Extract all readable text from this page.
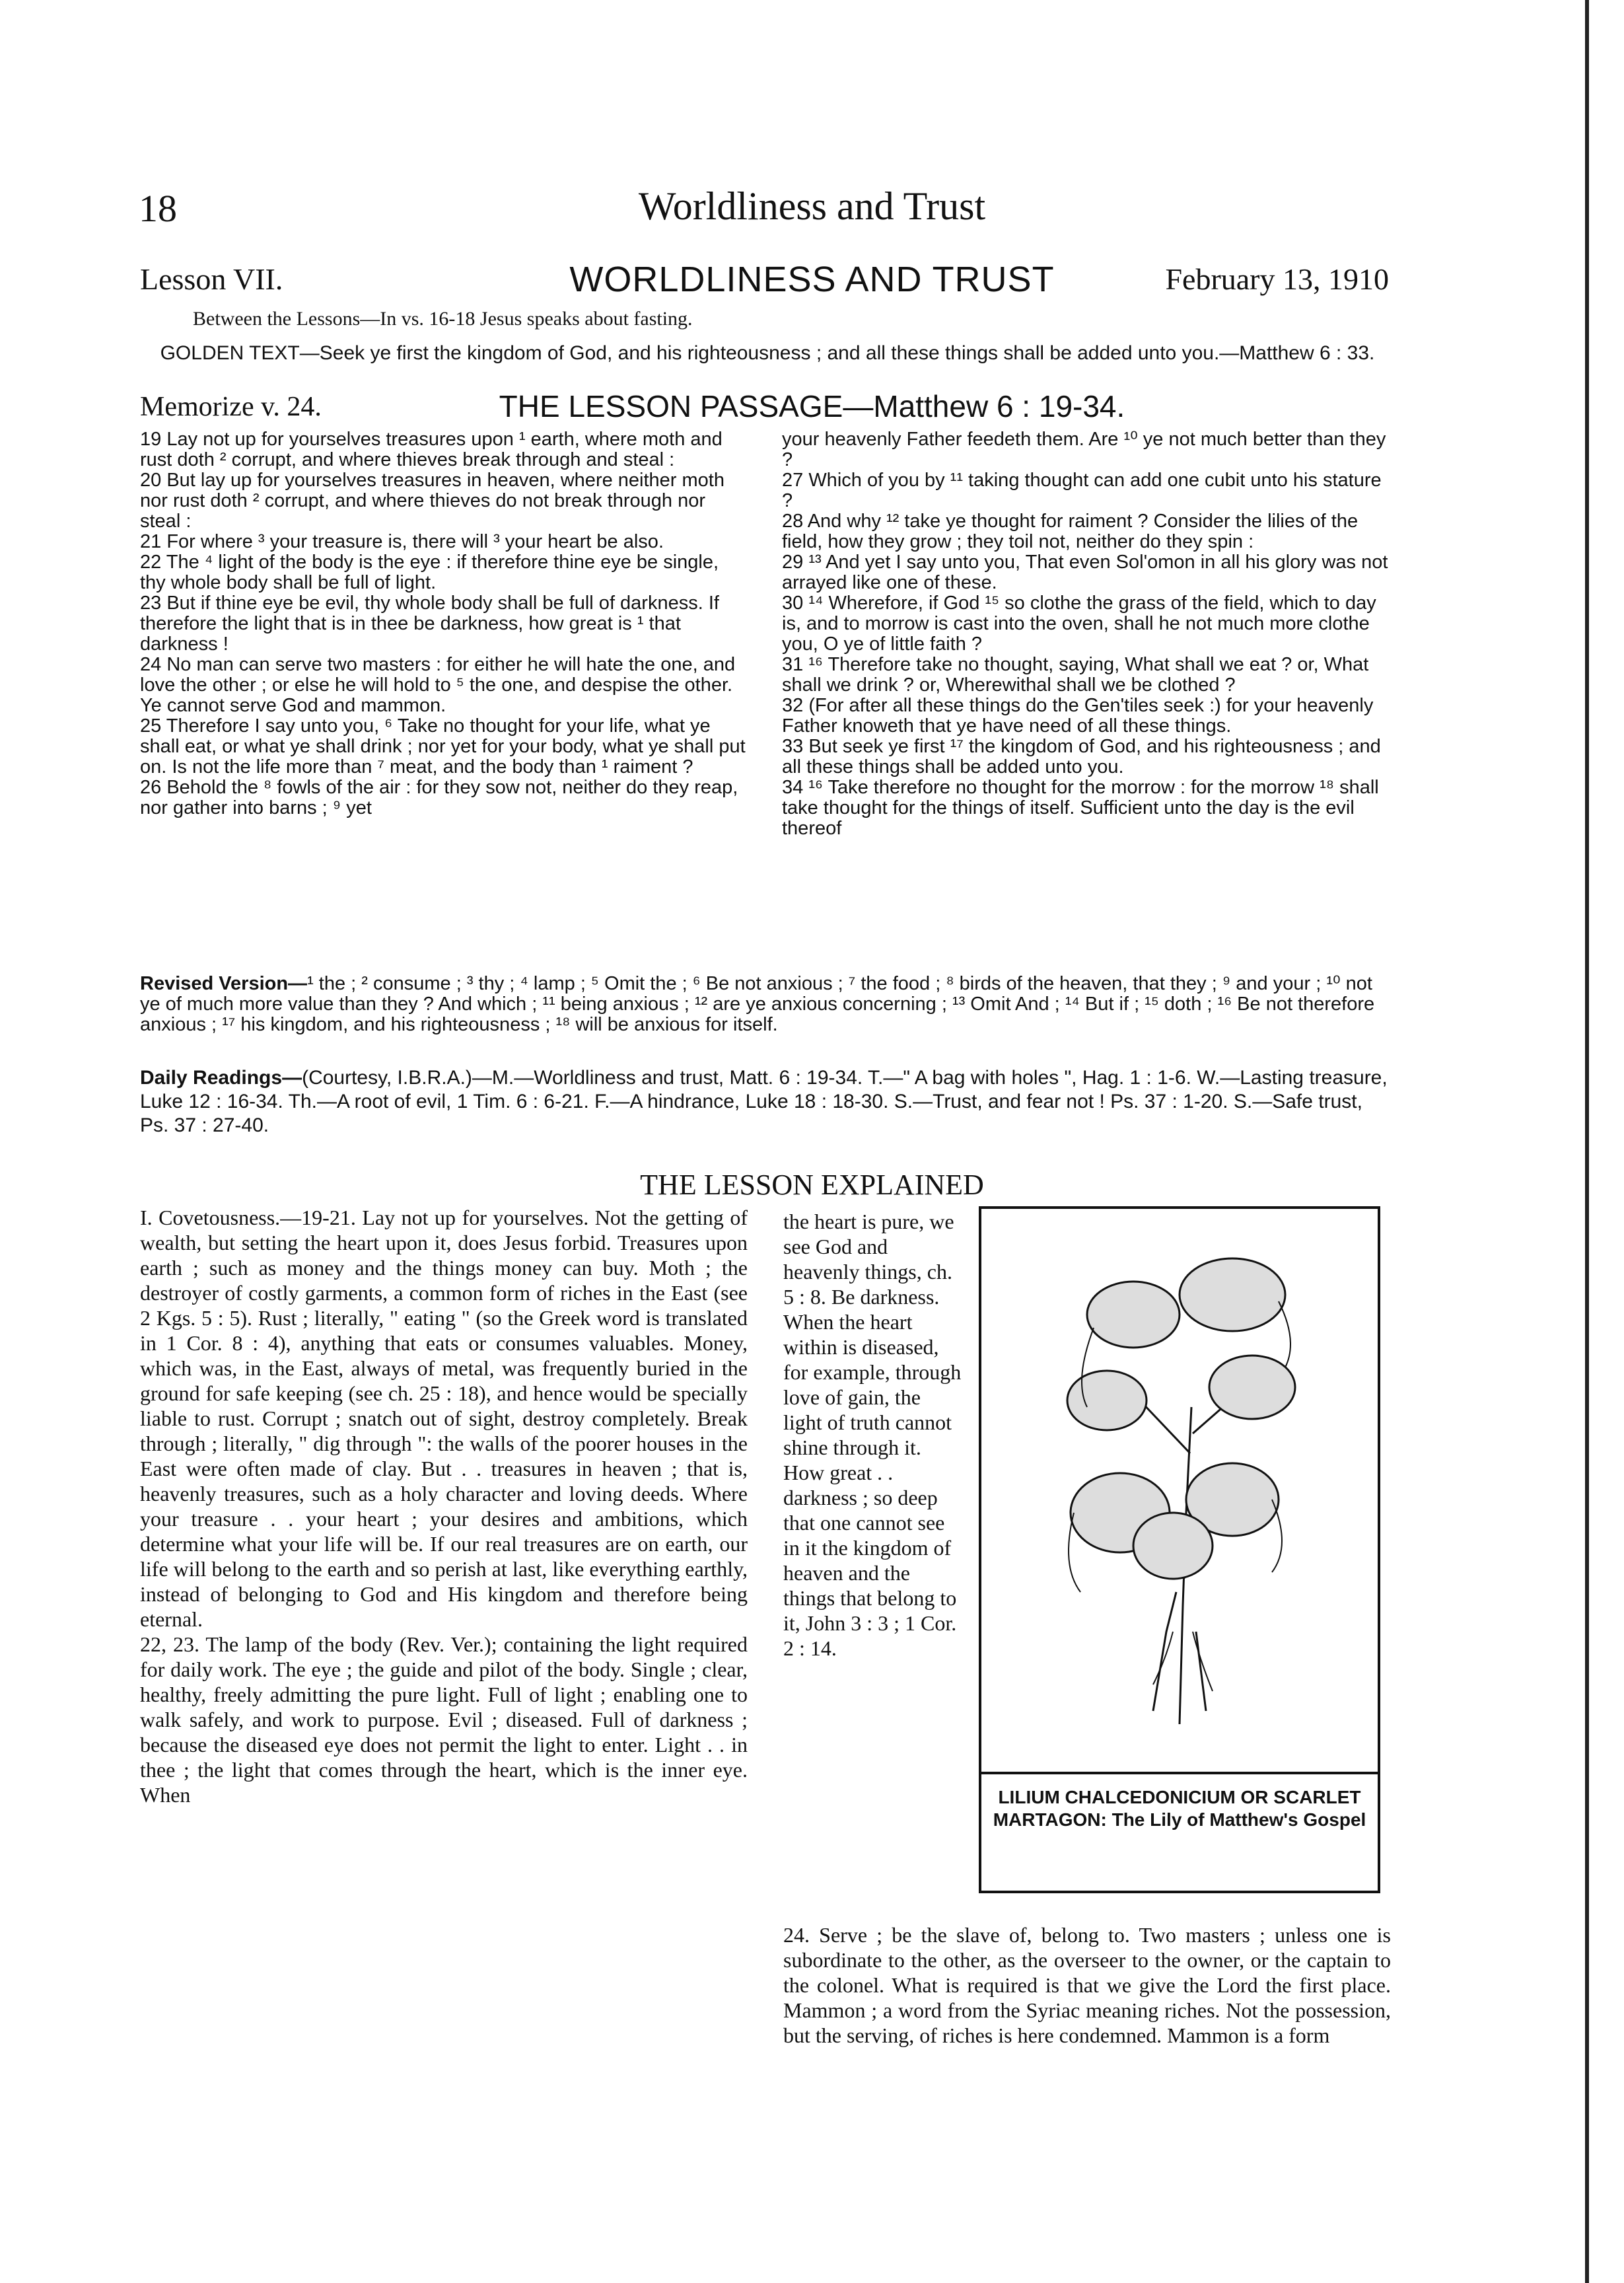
18	Worldliness and Trust
Lesson VII.	WORLDLINESS AND TRUST	February 13, 1910
Between the Lessons—In vs. 16-18 Jesus speaks about fasting.
GOLDEN TEXT—Seek ye first the kingdom of God, and his righteousness ; and all these things shall be added unto you.—Matthew 6 : 33.
Memorize v. 24.	THE LESSON PASSAGE—Matthew 6 : 19-34.

19 Lay not up for yourselves treasures upon ¹ earth, where moth and rust doth ² corrupt, and where thieves break through and steal :

20 But lay up for yourselves treasures in heaven, where neither moth nor rust doth ² corrupt, and where thieves do not break through nor steal :

21 For where ³ your treasure is, there will ³ your heart be also.

22 The ⁴ light of the body is the eye : if therefore thine eye be single, thy whole body shall be full of light.

23 But if thine eye be evil, thy whole body shall be full of darkness. If therefore the light that is in thee be darkness, how great is ¹ that darkness !

24 No man can serve two masters : for either he will hate the one, and love the other ; or else he will hold to ⁵ the one, and despise the other. Ye cannot serve God and mammon.

25 Therefore I say unto you, ⁶ Take no thought for your life, what ye shall eat, or what ye shall drink ; nor yet for your body, what ye shall put on. Is not the life more than ⁷ meat, and the body than ¹ raiment ?

26 Behold the ⁸ fowls of the air : for they sow not, neither do they reap, nor gather into barns ; ⁹ yet

your heavenly Father feedeth them. Are ¹⁰ ye not much better than they ?

27 Which of you by ¹¹ taking thought can add one cubit unto his stature ?

28 And why ¹² take ye thought for raiment ? Consider the lilies of the field, how they grow ; they toil not, neither do they spin :

29 ¹³ And yet I say unto you, That even Sol'omon in all his glory was not arrayed like one of these.

30 ¹⁴ Wherefore, if God ¹⁵ so clothe the grass of the field, which to day is, and to morrow is cast into the oven, shall he not much more clothe you, O ye of little faith ?

31 ¹⁶ Therefore take no thought, saying, What shall we eat ? or, What shall we drink ? or, Wherewithal shall we be clothed ?

32 (For after all these things do the Gen'tiles seek :) for your heavenly Father knoweth that ye have need of all these things.

33 But seek ye first ¹⁷ the kingdom of God, and his righteousness ; and all these things shall be added unto you.

34 ¹⁶ Take therefore no thought for the morrow : for the morrow ¹⁸ shall take thought for the things of itself. Sufficient unto the day is the evil thereof

Revised Version—¹ the ; ² consume ; ³ thy ; ⁴ lamp ; ⁵ Omit the ; ⁶ Be not anxious ; ⁷ the food ; ⁸ birds of the heaven, that they ; ⁹ and your ; ¹⁰ not ye of much more value than they ? And which ; ¹¹ being anxious ; ¹² are ye anxious concerning ; ¹³ Omit And ; ¹⁴ But if ; ¹⁵ doth ; ¹⁶ Be not therefore anxious ; ¹⁷ his kingdom, and his righteousness ; ¹⁸ will be anxious for itself.
Daily Readings—(Courtesy, I.B.R.A.)—M.—Worldliness and trust, Matt. 6 : 19-34. T.—" A bag with holes ", Hag. 1 : 1-6. W.—Lasting treasure, Luke 12 : 16-34. Th.—A root of evil, 1 Tim. 6 : 6-21. F.—A hindrance, Luke 18 : 18-30. S.—Trust, and fear not ! Ps. 37 : 1-20. S.—Safe trust, Ps. 37 : 27-40.
THE LESSON EXPLAINED

I. Covetousness.—19-21. Lay not up for yourselves. Not the getting of wealth, but setting the heart upon it, does Jesus forbid. Treasures upon earth ; such as money and the things money can buy. Moth ; the destroyer of costly garments, a common form of riches in the East (see 2 Kgs. 5 : 5). Rust ; literally, " eating " (so the Greek word is translated in 1 Cor. 8 : 4), anything that eats or consumes valuables. Money, which was, in the East, always of metal, was frequently buried in the ground for safe keeping (see ch. 25 : 18), and hence would be specially liable to rust. Corrupt ; snatch out of sight, destroy completely. Break through ; literally, " dig through ": the walls of the poorer houses in the East were often made of clay. But . . treasures in heaven ; that is, heavenly treasures, such as a holy character and loving deeds. Where your treasure . . your heart ; your desires and ambitions, which determine what your life will be. If our real treasures are on earth, our life will belong to the earth and so perish at last, like everything earthly, instead of belonging to God and His kingdom and therefore being eternal.

22, 23. The lamp of the body (Rev. Ver.); containing the light required for daily work. The eye ; the guide and pilot of the body. Single ; clear, healthy, freely admitting the pure light. Full of light ; enabling one to walk safely, and work to purpose. Evil ; diseased. Full of darkness ; because the diseased eye does not permit the light to enter. Light . . in thee ; the light that comes through the heart, which is the inner eye. When

the heart is pure, we see God and heavenly things, ch. 5 : 8. Be darkness. When the heart within is diseased, for example, through love of gain, the light of truth cannot shine through it. How great . . darkness ; so deep that one cannot see in it the kingdom of heaven and the things that belong to it, John 3 : 3 ; 1 Cor. 2 : 14.

LILIUM CHALCEDONICIUM OR SCARLET MARTAGON: The Lily of Matthew's Gospel

24. Serve ; be the slave of, belong to. Two masters ; unless one is subordinate to the other, as the overseer to the owner, or the captain to the colonel. What is required is that we give the Lord the first place. Mammon ; a word from the Syriac meaning riches. Not the possession, but the serving, of riches is here condemned. Mammon is a form
